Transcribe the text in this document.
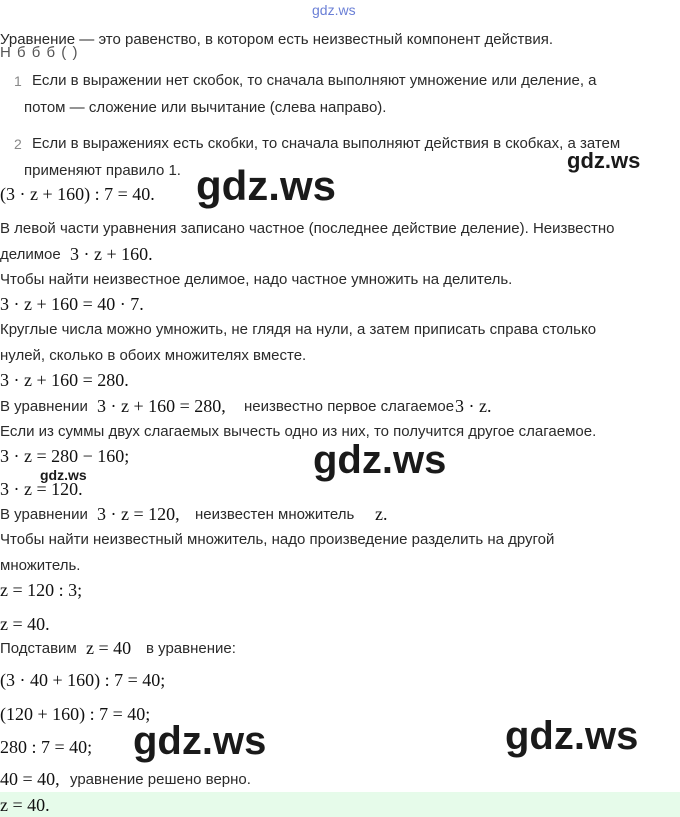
gdz.ws
Уравнение — это равенство, в котором есть неизвестный компонент действия.
Н б б б ( )
1 Если в выражении нет скобок, то сначала выполняют умножение или деление, а
потом — сложение или вычитание (слева направо).
2 Если в выражениях есть скобки, то сначала выполняют действия в скобках, а затем
применяют правило 1.
(3 · z + 160) : 7 = 40.
В левой части уравнения записано частное (последнее действие деление). Неизвестно
делимое 3 · z + 160.
Чтобы найти неизвестное делимое, надо частное умножить на делитель.
3 · z + 160 = 40 · 7.
Круглые числа можно умножить, не глядя на нули, а затем приписать справа столько
нулей, сколько в обоих множителях вместе.
3 · z + 160 = 280.
В уравнении 3 · z + 160 = 280, неизвестно первое слагаемое 3 · z.
Если из суммы двух слагаемых вычесть одно из них, то получится другое слагаемое.
3 · z = 280 − 160;
3 · z = 120.
В уравнении 3 · z = 120, неизвестен множитель z.
Чтобы найти неизвестный множитель, надо произведение разделить на другой
множитель.
z = 120 : 3;
z = 40.
Подставим z = 40 в уравнение:
(3 · 40 + 160) : 7 = 40;
(120 + 160) : 7 = 40;
280 : 7 = 40;
40 = 40, уравнение решено верно.
z = 40.
gdz.ws
gdz.ws
gdz.ws
gdz.ws
gdz.ws	gdz.ws
